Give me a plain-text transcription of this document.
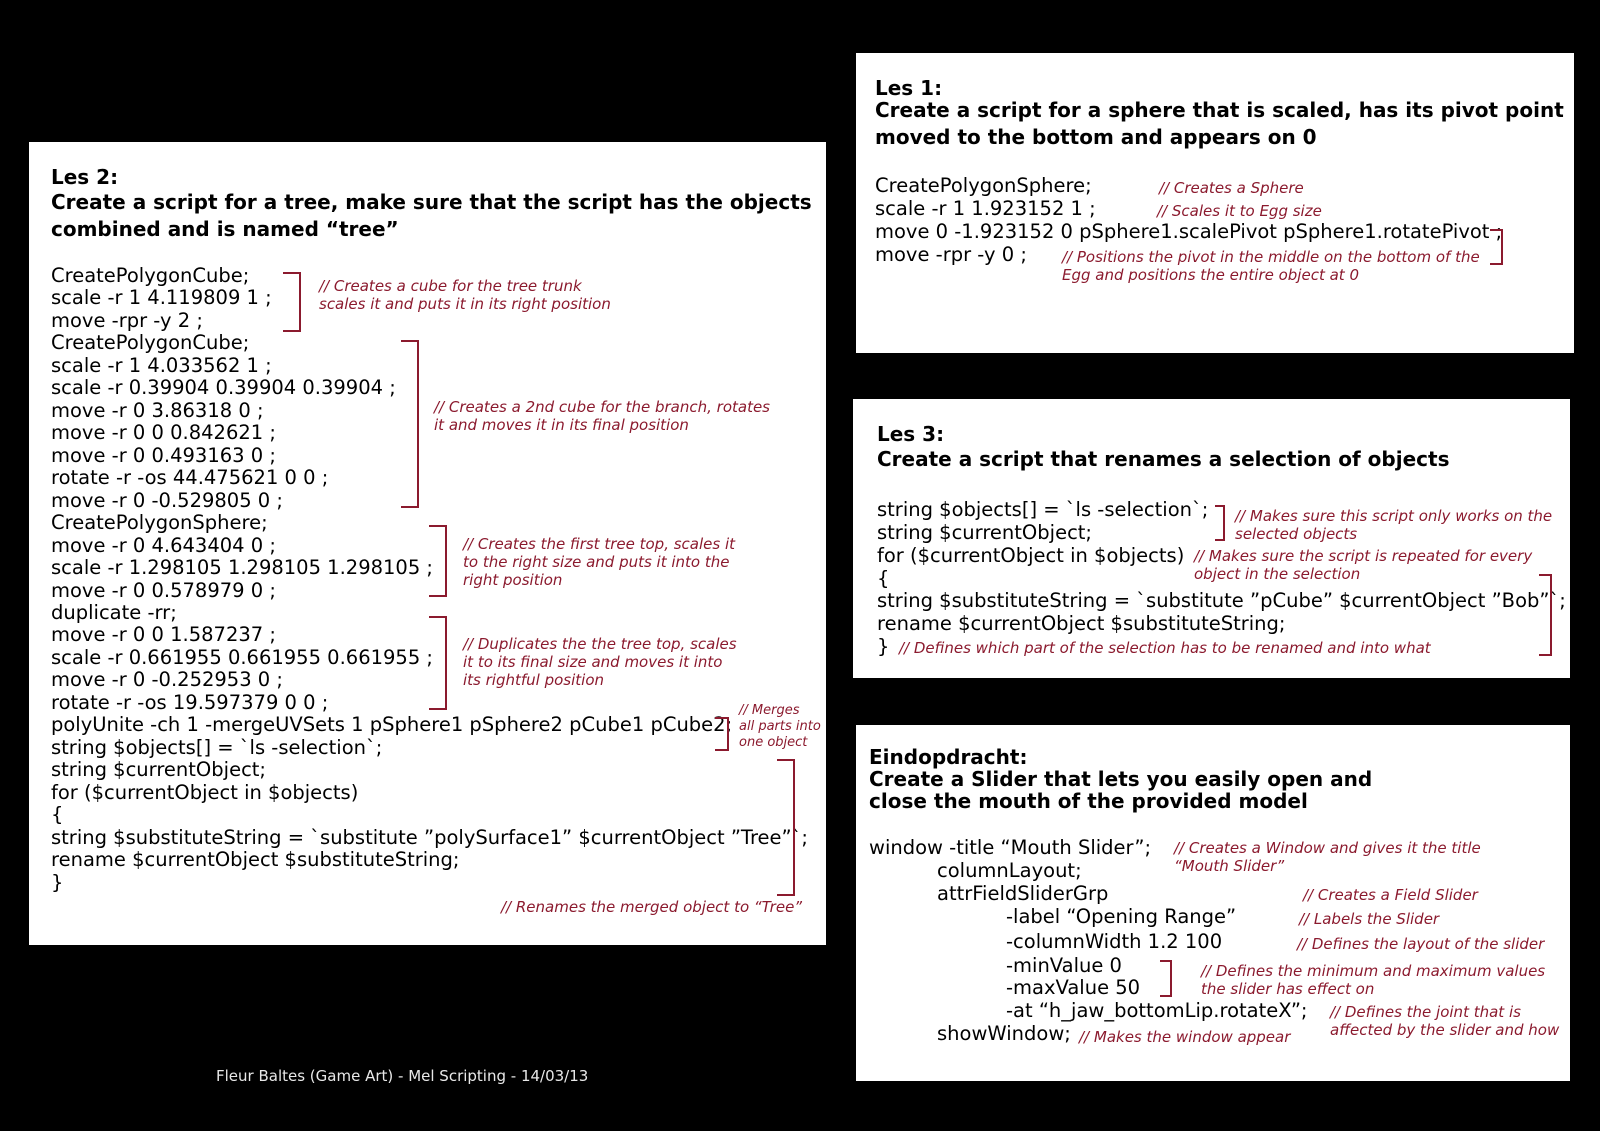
Les 2:
Create a script for a tree, make sure that the script has the objects
combined and is named “tree”
CreatePolygonCube;
scale -r 1 4.119809 1 ;
move -rpr -y 2 ;
CreatePolygonCube;
scale -r 1 4.033562 1 ;
scale -r 0.39904 0.39904 0.39904 ;
move -r 0 3.86318 0 ;
move -r 0 0 0.842621 ;
move -r 0 0.493163 0 ;
rotate -r -os 44.475621 0 0 ;
move -r 0 -0.529805 0 ;
CreatePolygonSphere;
move -r 0 4.643404 0 ;
scale -r 1.298105 1.298105 1.298105 ;
move -r 0 0.578979 0 ;
duplicate -rr;
move -r 0 0 1.587237 ;
scale -r 0.661955 0.661955 0.661955 ;
move -r 0 -0.252953 0 ;
rotate -r -os 19.597379 0 0 ;
polyUnite -ch 1 -mergeUVSets 1 pSphere1 pSphere2 pCube1 pCube2;
string $objects[] = `ls -selection`;
string $currentObject;
for ($currentObject in $objects)
{
string $substituteString = `substitute ”polySurface1” $currentObject ”Tree”`;
rename $currentObject $substituteString;
}
// Creates a cube for the tree trunk
scales it and puts it in its right position
// Creates a 2nd cube for the branch, rotates
it and moves it in its final position
// Creates the first tree top, scales it
to the right size and puts it into the
right position
// Duplicates the the tree top, scales
it to its final size and moves it into
its rightful position
// Merges
all parts into
one object
// Renames the merged object to “Tree”
Les 1:
Create a script for a sphere that is scaled, has its pivot point
moved to the bottom and appears on 0
CreatePolygonSphere;
scale -r 1 1.923152 1 ;
move 0 -1.923152 0 pSphere1.scalePivot pSphere1.rotatePivot ;
move -rpr -y 0 ;
// Creates a Sphere
// Scales it to Egg size
// Positions the pivot in the middle on the bottom of the
Egg and positions the entire object at 0
Les 3:
Create a script that renames a selection of objects
string $objects[] = `ls -selection`;
string $currentObject;
for ($currentObject in $objects)
{
string $substituteString = `substitute ”pCube” $currentObject ”Bob”`;
rename $currentObject $substituteString;
}
// Makes sure this script only works on the
selected objects
// Makes sure the script is repeated for every
object in the selection
// Defines which part of the selection has to be renamed and into what
Eindopdracht:
Create a Slider that lets you easily open and
close the mouth of the provided model
window -title “Mouth Slider”;
columnLayout;
attrFieldSliderGrp
-label “Opening Range”
-columnWidth 1.2 100
-minValue 0
-maxValue 50
-at “h_jaw_bottomLip.rotateX”;
showWindow;
// Creates a Window and gives it the title
“Mouth Slider”
// Creates a Field Slider
// Labels the Slider
// Defines the layout of the slider
// Defines the minimum and maximum values
the slider has effect on
// Defines the joint that is
affected by the slider and how
// Makes the window appear
Fleur Baltes (Game Art) - Mel Scripting - 14/03/13
